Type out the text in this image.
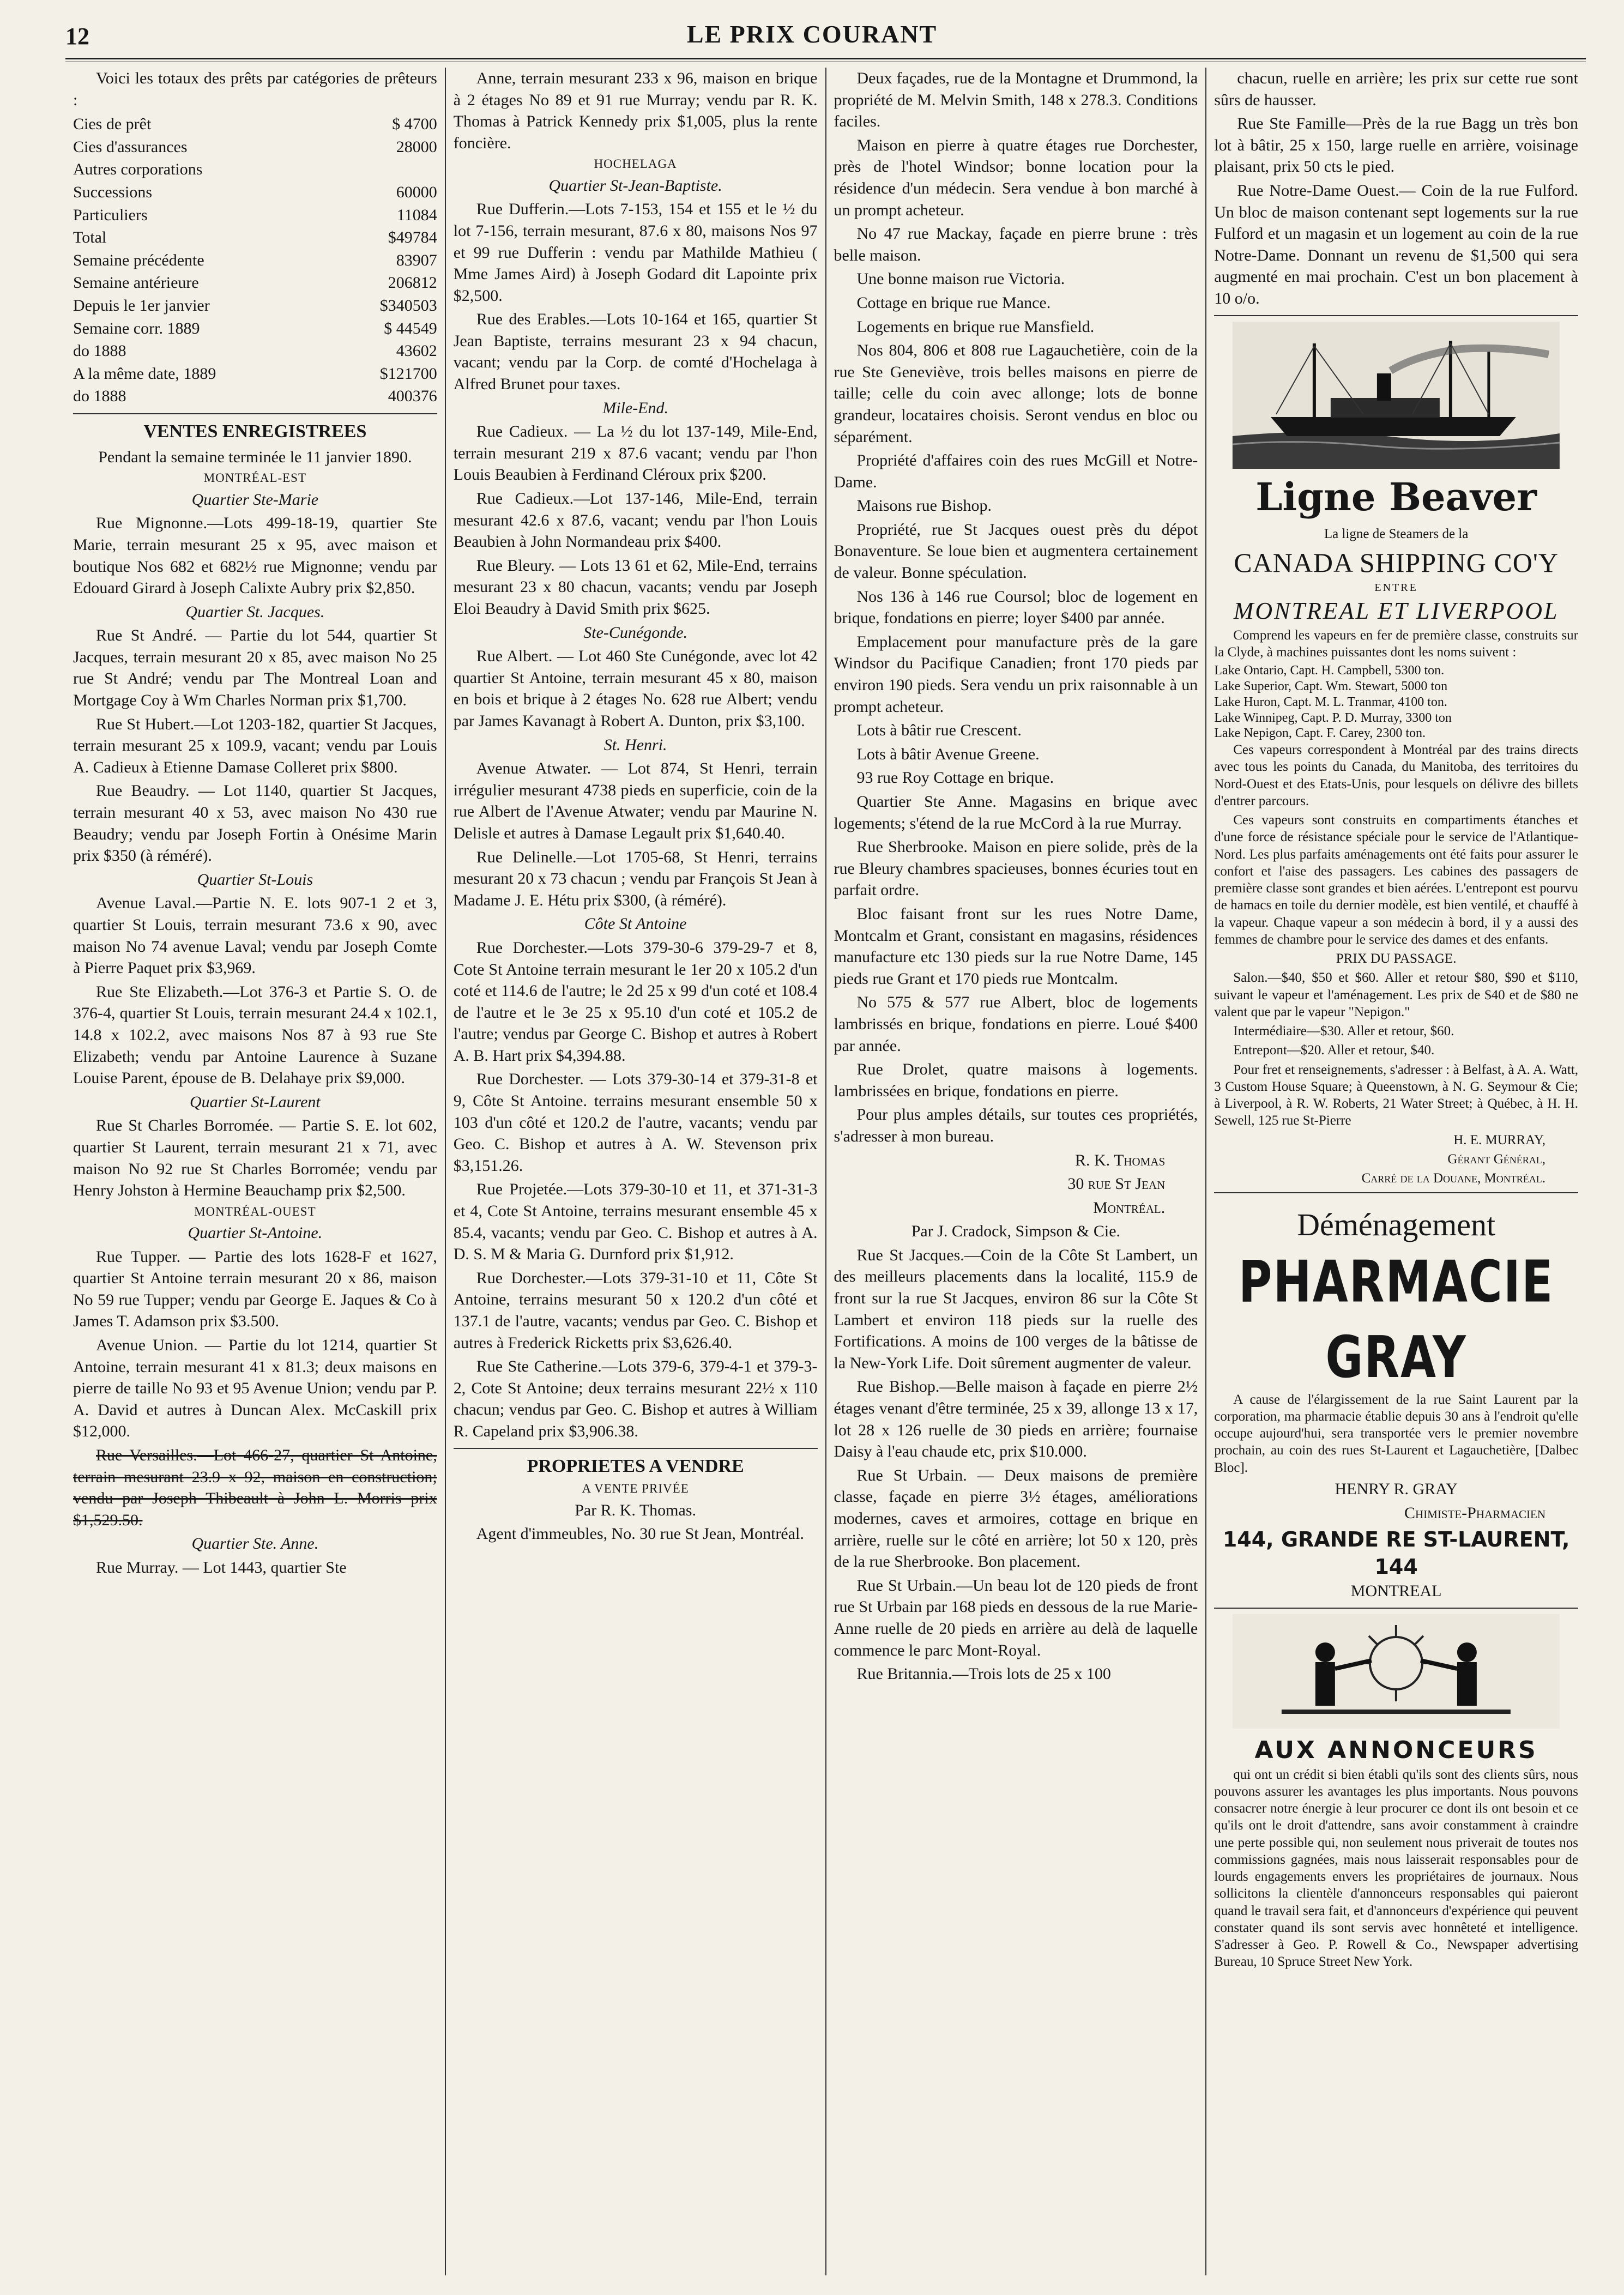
12	LE PRIX COURANT

Voici les totaux des prêts par catégories de prêteurs :

Cies de prêt	$ 4700
Cies d'assurances	28000
Autres corporations	
Successions	60000
Particuliers	11084
Total	$49784
Semaine précédente	83907
Semaine antérieure	206812
Depuis le 1er janvier	$340503
Semaine corr. 1889	$ 44549
do 1888	43602
A la même date, 1889	$121700
do 1888	400376
VENTES ENREGISTREES

Pendant la semaine terminée le 11 janvier 1890.

MONTRÉAL-EST

Quartier Ste-Marie

Rue Mignonne.—Lots 499-18-19, quartier Ste Marie, terrain mesurant 25 x 95, avec maison et boutique Nos 682 et 682½ rue Mignonne; vendu par Edouard Girard à Joseph Calixte Aubry prix $2,850.

Quartier St. Jacques.

Rue St André. — Partie du lot 544, quartier St Jacques, terrain mesurant 20 x 85, avec maison No 25 rue St André; vendu par The Montreal Loan and Mortgage Coy à Wm Charles Norman prix $1,700.

Rue St Hubert.—Lot 1203-182, quartier St Jacques, terrain mesurant 25 x 109.9, vacant; vendu par Louis A. Cadieux à Etienne Damase Colleret prix $800.

Rue Beaudry. — Lot 1140, quartier St Jacques, terrain mesurant 40 x 53, avec maison No 430 rue Beaudry; vendu par Joseph Fortin à Onésime Marin prix $350 (à réméré).

Quartier St-Louis

Avenue Laval.—Partie N. E. lots 907-1 2 et 3, quartier St Louis, terrain mesurant 73.6 x 90, avec maison No 74 avenue Laval; vendu par Joseph Comte à Pierre Paquet prix $3,969.

Rue Ste Elizabeth.—Lot 376-3 et Partie S. O. de 376-4, quartier St Louis, terrain mesurant 24.4 x 102.1, 14.8 x 102.2, avec maisons Nos 87 à 93 rue Ste Elizabeth; vendu par Antoine Laurence à Suzane Louise Parent, épouse de B. Delahaye prix $9,000.

Quartier St-Laurent

Rue St Charles Borromée. — Partie S. E. lot 602, quartier St Laurent, terrain mesurant 21 x 71, avec maison No 92 rue St Charles Borromée; vendu par Henry Johston à Hermine Beauchamp prix $2,500.

MONTRÉAL-OUEST

Quartier St-Antoine.

Rue Tupper. — Partie des lots 1628-F et 1627, quartier St Antoine terrain mesurant 20 x 86, maison No 59 rue Tupper; vendu par George E. Jaques & Co à James T. Adamson prix $3.500.

Avenue Union. — Partie du lot 1214, quartier St Antoine, terrain mesurant 41 x 81.3; deux maisons en pierre de taille No 93 et 95 Avenue Union; vendu par P. A. David et autres à Duncan Alex. McCaskill prix $12,000.

Rue Versailles.—Lot 466-27, quartier St Antoine, terrain mesurant 23.9 x 92, maison en construction; vendu par Joseph Thibeault à John L. Morris prix $1,529.50.

Quartier Ste. Anne.

Rue Murray. — Lot 1443, quartier Ste

Anne, terrain mesurant 233 x 96, maison en brique à 2 étages No 89 et 91 rue Murray; vendu par R. K. Thomas à Patrick Kennedy prix $1,005, plus la rente foncière.

HOCHELAGA

Quartier St-Jean-Baptiste.

Rue Dufferin.—Lots 7-153, 154 et 155 et le ½ du lot 7-156, terrain mesurant, 87.6 x 80, maisons Nos 97 et 99 rue Dufferin : vendu par Mathilde Mathieu ( Mme James Aird) à Joseph Godard dit Lapointe prix $2,500.

Rue des Erables.—Lots 10-164 et 165, quartier St Jean Baptiste, terrains mesurant 23 x 94 chacun, vacant; vendu par la Corp. de comté d'Hochelaga à Alfred Brunet pour taxes.

Mile-End.

Rue Cadieux. — La ½ du lot 137-149, Mile-End, terrain mesurant 219 x 87.6 vacant; vendu par l'hon Louis Beaubien à Ferdinand Cléroux prix $200.

Rue Cadieux.—Lot 137-146, Mile-End, terrain mesurant 42.6 x 87.6, vacant; vendu par l'hon Louis Beaubien à John Normandeau prix $400.

Rue Bleury. — Lots 13 61 et 62, Mile-End, terrains mesurant 23 x 80 chacun, vacants; vendu par Joseph Eloi Beaudry à David Smith prix $625.

Ste-Cunégonde.

Rue Albert. — Lot 460 Ste Cunégonde, avec lot 42 quartier St Antoine, terrain mesurant 45 x 80, maison en bois et brique à 2 étages No. 628 rue Albert; vendu par James Kavanagt à Robert A. Dunton, prix $3,100.

St. Henri.

Avenue Atwater. — Lot 874, St Henri, terrain irrégulier mesurant 4738 pieds en superficie, coin de la rue Albert de l'Avenue Atwater; vendu par Maurine N. Delisle et autres à Damase Legault prix $1,640.40.

Rue Delinelle.—Lot 1705-68, St Henri, terrains mesurant 20 x 73 chacun ; vendu par François St Jean à Madame J. E. Hétu prix $300, (à réméré).

Côte St Antoine

Rue Dorchester.—Lots 379-30-6 379-29-7 et 8, Cote St Antoine terrain mesurant le 1er 20 x 105.2 d'un coté et 114.6 de l'autre; le 2d 25 x 99 d'un coté et 108.4 de l'autre et le 3e 25 x 95.10 d'un coté et 105.2 de l'autre; vendus par George C. Bishop et autres à Robert A. B. Hart prix $4,394.88.

Rue Dorchester. — Lots 379-30-14 et 379-31-8 et 9, Côte St Antoine. terrains mesurant ensemble 50 x 103 d'un côté et 120.2 de l'autre, vacants; vendu par Geo. C. Bishop et autres à A. W. Stevenson prix $3,151.26.

Rue Projetée.—Lots 379-30-10 et 11, et 371-31-3 et 4, Cote St Antoine, terrains mesurant ensemble 45 x 85.4, vacants; vendu par Geo. C. Bishop et autres à A. D. S. M & Maria G. Durnford prix $1,912.

Rue Dorchester.—Lots 379-31-10 et 11, Côte St Antoine, terrains mesurant 50 x 120.2 d'un côté et 137.1 de l'autre, vacants; vendus par Geo. C. Bishop et autres à Frederick Ricketts prix $3,626.40.

Rue Ste Catherine.—Lots 379-6, 379-4-1 et 379-3-2, Cote St Antoine; deux terrains mesurant 22½ x 110 chacun; vendus par Geo. C. Bishop et autres à William R. Capeland prix $3,906.38.

PROPRIETES A VENDRE

A VENTE PRIVÉE

Par R. K. Thomas.

Agent d'immeubles, No. 30 rue St Jean, Montréal.

Deux façades, rue de la Montagne et Drummond, la propriété de M. Melvin Smith, 148 x 278.3. Conditions faciles.

Maison en pierre à quatre étages rue Dorchester, près de l'hotel Windsor; bonne location pour la résidence d'un médecin. Sera vendue à bon marché à un prompt acheteur.

No 47 rue Mackay, façade en pierre brune : très belle maison.

Une bonne maison rue Victoria.

Cottage en brique rue Mance.

Logements en brique rue Mansfield.

Nos 804, 806 et 808 rue Lagauchetière, coin de la rue Ste Geneviève, trois belles maisons en pierre de taille; celle du coin avec allonge; lots de bonne grandeur, locataires choisis. Seront vendus en bloc ou séparément.

Propriété d'affaires coin des rues McGill et Notre-Dame.

Maisons rue Bishop.

Propriété, rue St Jacques ouest près du dépot Bonaventure. Se loue bien et augmentera certainement de valeur. Bonne spéculation.

Nos 136 à 146 rue Coursol; bloc de logement en brique, fondations en pierre; loyer $400 par année.

Emplacement pour manufacture près de la gare Windsor du Pacifique Canadien; front 170 pieds par environ 190 pieds. Sera vendu un prix raisonnable à un prompt acheteur.

Lots à bâtir rue Crescent.

Lots à bâtir Avenue Greene.

93 rue Roy Cottage en brique.

Quartier Ste Anne. Magasins en brique avec logements; s'étend de la rue McCord à la rue Murray.

Rue Sherbrooke. Maison en piere solide, près de la rue Bleury chambres spacieuses, bonnes écuries tout en parfait ordre.

Bloc faisant front sur les rues Notre Dame, Montcalm et Grant, consistant en magasins, résidences manufacture etc 130 pieds sur la rue Notre Dame, 145 pieds rue Grant et 170 pieds rue Montcalm.

No 575 & 577 rue Albert, bloc de logements lambrissés en brique, fondations en pierre. Loué $400 par année.

Rue Drolet, quatre maisons à logements. lambrissées en brique, fondations en pierre.

Pour plus amples détails, sur toutes ces propriétés, s'adresser à mon bureau.

R. K. Thomas

30 rue St Jean

Montréal.

Par J. Cradock, Simpson & Cie.

Rue St Jacques.—Coin de la Côte St Lambert, un des meilleurs placements dans la localité, 115.9 de front sur la rue St Jacques, environ 86 sur la Côte St Lambert et environ 118 pieds sur la ruelle des Fortifications. A moins de 100 verges de la bâtisse de la New-York Life. Doit sûrement augmenter de valeur.

Rue Bishop.—Belle maison à façade en pierre 2½ étages venant d'être terminée, 25 x 39, allonge 13 x 17, lot 28 x 126 ruelle de 30 pieds en arrière; fournaise Daisy à l'eau chaude etc, prix $10.000.

Rue St Urbain. — Deux maisons de première classe, façade en pierre 3½ étages, améliorations modernes, caves et armoires, cottage en brique en arrière, ruelle sur le côté en arrière; lot 50 x 120, près de la rue Sherbrooke. Bon placement.

Rue St Urbain.—Un beau lot de 120 pieds de front rue St Urbain par 168 pieds en dessous de la rue Marie-Anne ruelle de 20 pieds en arrière au delà de laquelle commence le parc Mont-Royal.

Rue Britannia.—Trois lots de 25 x 100

chacun, ruelle en arrière; les prix sur cette rue sont sûrs de hausser.

Rue Ste Famille—Près de la rue Bagg un très bon lot à bâtir, 25 x 150, large ruelle en arrière, voisinage plaisant, prix 50 cts le pied.

Rue Notre-Dame Ouest.— Coin de la rue Fulford. Un bloc de maison contenant sept logements sur la rue Fulford et un magasin et un logement au coin de la rue Notre-Dame. Donnant un revenu de $1,500 qui sera augmenté en mai prochain. C'est un bon placement à 10 o/o.

Ligne Beaver

La ligne de Steamers de la

CANADA SHIPPING CO'Y
ENTRE
MONTREAL ET LIVERPOOL

Comprend les vapeurs en fer de première classe, construits sur la Clyde, à machines puissantes dont les noms suivent :

Lake Ontario, Capt. H. Campbell, 5300 ton.
Lake Superior, Capt. Wm. Stewart, 5000 ton
Lake Huron, Capt. M. L. Tranmar, 4100 ton.
Lake Winnipeg, Capt. P. D. Murray, 3300 ton
Lake Nepigon, Capt. F. Carey, 2300 ton.

Ces vapeurs correspondent à Montréal par des trains directs avec tous les points du Canada, du Manitoba, des territoires du Nord-Ouest et des Etats-Unis, pour lesquels on délivre des billets d'entrer parcours.

Ces vapeurs sont construits en compartiments étanches et d'une force de résistance spéciale pour le service de l'Atlantique-Nord. Les plus parfaits aménagements ont été faits pour assurer le confort et l'aise des passagers. Les cabines des passagers de première classe sont grandes et bien aérées. L'entrepont est pourvu de hamacs en toile du dernier modèle, est bien ventilé, et chauffé à la vapeur. Chaque vapeur a son médecin à bord, il y a aussi des femmes de chambre pour le service des dames et des enfants.

PRIX DU PASSAGE.

Salon.—$40, $50 et $60. Aller et retour $80, $90 et $110, suivant le vapeur et l'aménagement. Les prix de $40 et de $80 ne valent que par le vapeur "Nepigon."

Intermédiaire—$30. Aller et retour, $60.

Entrepont—$20. Aller et retour, $40.

Pour fret et renseignements, s'adresser : à Belfast, à A. A. Watt, 3 Custom House Square; à Queenstown, à N. G. Seymour & Cie; à Liverpool, à R. W. Roberts, 21 Water Street; à Québec, à H. H. Sewell, 125 rue St-Pierre

H. E. MURRAY,

Gérant Général,

Carré de la Douane, Montréal.

Déménagement
PHARMACIE GRAY

A cause de l'élargissement de la rue Saint Laurent par la corporation, ma pharmacie établie depuis 30 ans à l'endroit qu'elle occupe aujourd'hui, sera transportée vers le premier novembre prochain, au coin des rues St-Laurent et Lagauchetière, [Dalbec Bloc].

HENRY R. GRAY

Chimiste-Pharmacien

144, GRANDE RE ST-LAURENT, 144

MONTREAL

AUX ANNONCEURS

qui ont un crédit si bien établi qu'ils sont des clients sûrs, nous pouvons assurer les avantages les plus importants. Nous pouvons consacrer notre énergie à leur procurer ce dont ils ont besoin et ce qu'ils ont le droit d'attendre, sans avoir constamment à craindre une perte possible qui, non seulement nous priverait de toutes nos commissions gagnées, mais nous laisserait responsables pour de lourds engagements envers les propriétaires de journaux. Nous sollicitons la clientèle d'annonceurs responsables qui paieront quand le travail sera fait, et d'annonceurs d'expérience qui peuvent constater quand ils sont servis avec honnêteté et intelligence. S'adresser à Geo. P. Rowell & Co., Newspaper advertising Bureau, 10 Spruce Street New York.
